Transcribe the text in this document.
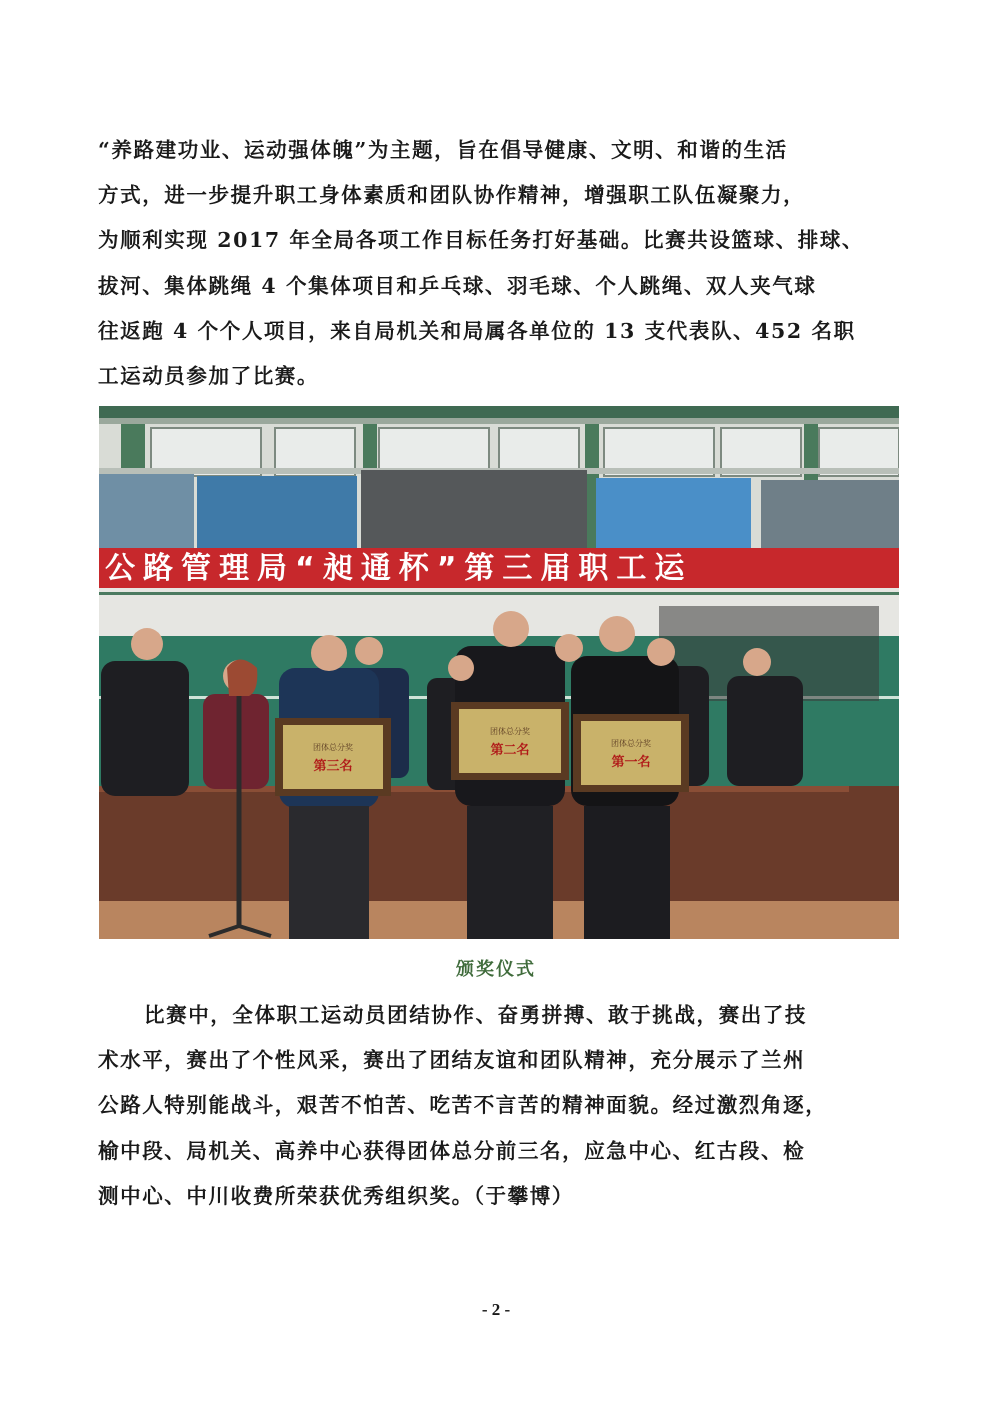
“养路建功业、运动强体魄”为主题，旨在倡导健康、文明、和谐的生活
方式，进一步提升职工身体素质和团队协作精神，增强职工队伍凝聚力，
为顺利实现 2017 年全局各项工作目标任务打好基础。比赛共设篮球、排球、
拔河、集体跳绳 4 个集体项目和乒乓球、羽毛球、个人跳绳、双人夹气球
往返跑 4 个个人项目，来自局机关和局属各单位的 13 支代表队、452 名职
工运动员参加了比赛。
公路管理局“昶通杯”第三届职工运
团体总分奖
第三名
团体总分奖
第二名	团体总分奖
第一名
颁奖仪式
比赛中，全体职工运动员团结协作、奋勇拼搏、敢于挑战，赛出了技
术水平，赛出了个性风采，赛出了团结友谊和团队精神，充分展示了兰州
公路人特别能战斗，艰苦不怕苦、吃苦不言苦的精神面貌。经过激烈角逐，
榆中段、局机关、高养中心获得团体总分前三名，应急中心、红古段、检
测中心、中川收费所荣获优秀组织奖。（于攀博）
- 2 -
